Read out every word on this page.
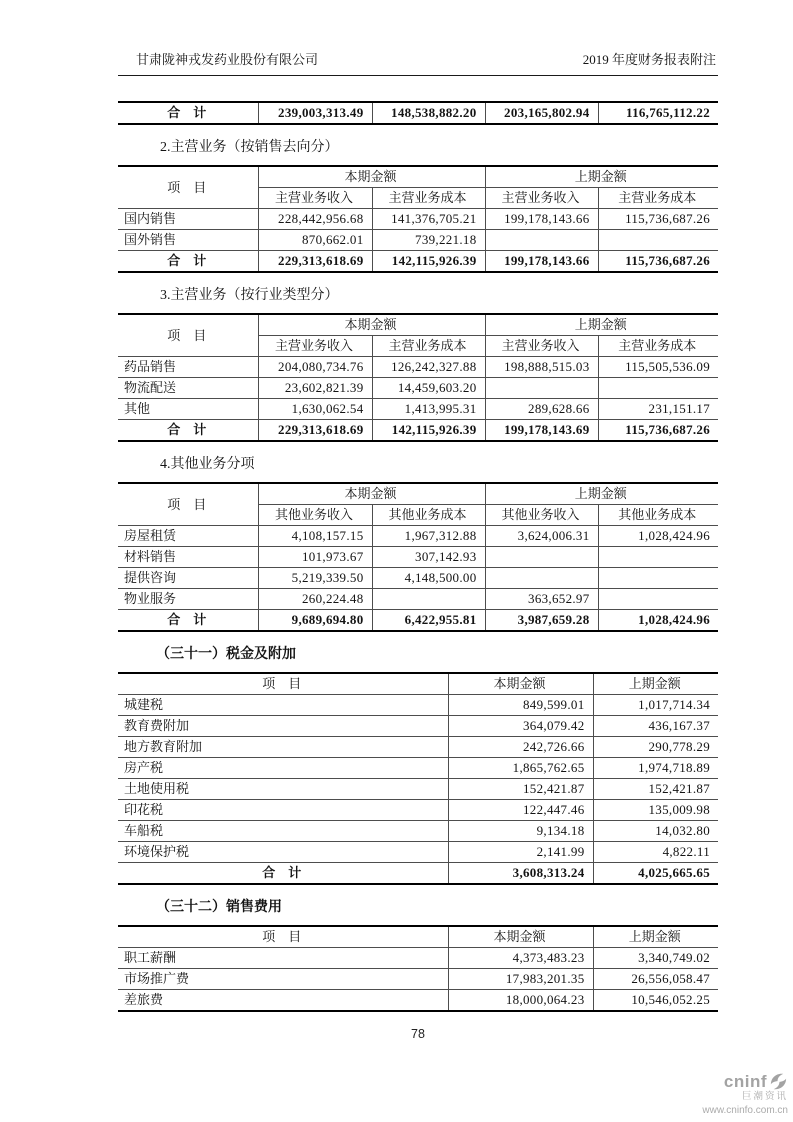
甘肃陇神戎发药业股份有限公司	2019 年度财务报表附注
合　计	239,003,313.49	148,538,882.20	203,165,802.94	116,765,112.22
2.主营业务（按销售去向分）
项　目	本期金额		上期金额	
	主营业务收入	主营业务成本	主营业务收入	主营业务成本
国内销售	228,442,956.68	141,376,705.21	199,178,143.66	115,736,687.26
国外销售	870,662.01	739,221.18		
合　计	229,313,618.69	142,115,926.39	199,178,143.66	115,736,687.26
3.主营业务（按行业类型分）
项　目	本期金额		上期金额	
	主营业务收入	主营业务成本	主营业务收入	主营业务成本
药品销售	204,080,734.76	126,242,327.88	198,888,515.03	115,505,536.09
物流配送	23,602,821.39	14,459,603.20		
其他	1,630,062.54	1,413,995.31	289,628.66	231,151.17
合　计	229,313,618.69	142,115,926.39	199,178,143.69	115,736,687.26
4.其他业务分项
项　目	本期金额		上期金额	
	其他业务收入	其他业务成本	其他业务收入	其他业务成本
房屋租赁	4,108,157.15	1,967,312.88	3,624,006.31	1,028,424.96
材料销售	101,973.67	307,142.93		
提供咨询	5,219,339.50	4,148,500.00		
物业服务	260,224.48		363,652.97	
合　计	9,689,694.80	6,422,955.81	3,987,659.28	1,028,424.96
（三十一）税金及附加
项　目	本期金额	上期金额
城建税	849,599.01	1,017,714.34
教育费附加	364,079.42	436,167.37
地方教育附加	242,726.66	290,778.29
房产税	1,865,762.65	1,974,718.89
土地使用税	152,421.87	152,421.87
印花税	122,447.46	135,009.98
车船税	9,134.18	14,032.80
环境保护税	2,141.99	4,822.11
合　计	3,608,313.24	4,025,665.65
（三十二）销售费用
项　目	本期金额	上期金额
职工薪酬	4,373,483.23	3,340,749.02
市场推广费	17,983,201.35	26,556,058.47
差旅费	18,000,064.23	10,546,052.25
78
cninf
巨潮资讯
www.cninfo.com.cn
